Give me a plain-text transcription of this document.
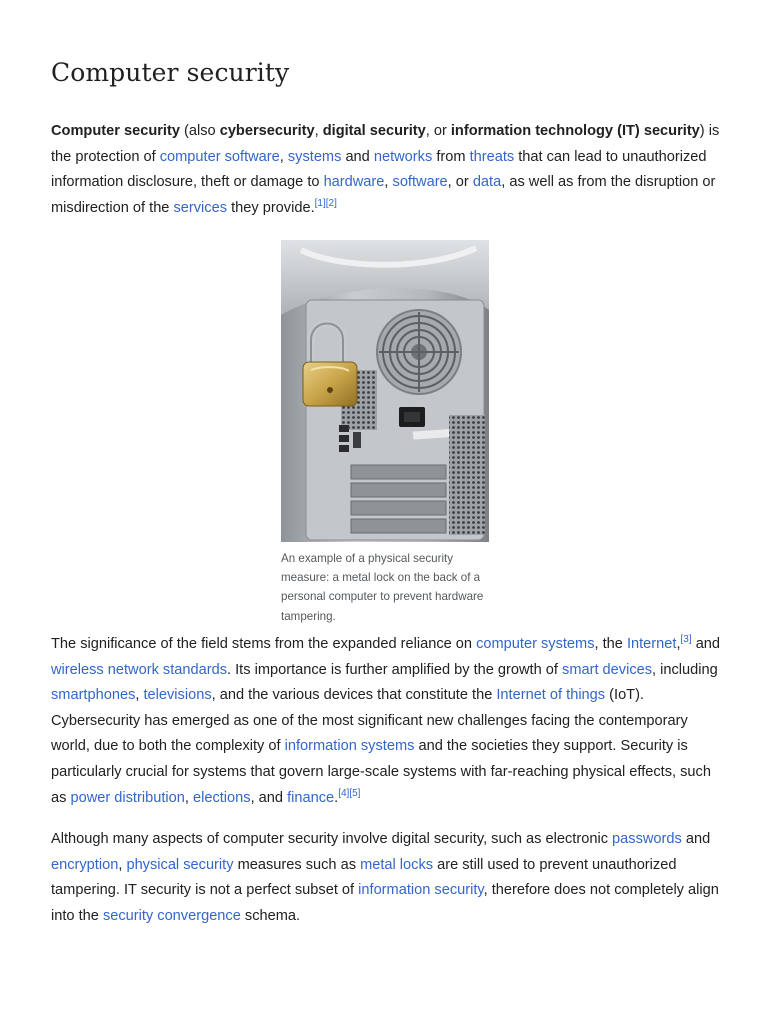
Computer security

Computer security (also cybersecurity, digital security, or information technology (IT) security) is the protection of computer software, systems and networks from threats that can lead to unauthorized information disclosure, theft or damage to hardware, software, or data, as well as from the disruption or misdirection of the services they provide.[1][2]

An example of a physical security measure: a metal lock on the back of a personal computer to prevent hardware tampering.

The significance of the field stems from the expanded reliance on computer systems, the Internet,[3] and wireless network standards. Its importance is further amplified by the growth of smart devices, including smartphones, televisions, and the various devices that constitute the Internet of things (IoT). Cybersecurity has emerged as one of the most significant new challenges facing the contemporary world, due to both the complexity of information systems and the societies they support. Security is particularly crucial for systems that govern large-scale systems with far-reaching physical effects, such as power distribution, elections, and finance.[4][5]

Although many aspects of computer security involve digital security, such as electronic passwords and encryption, physical security measures such as metal locks are still used to prevent unauthorized tampering. IT security is not a perfect subset of information security, therefore does not completely align into the security convergence schema.
